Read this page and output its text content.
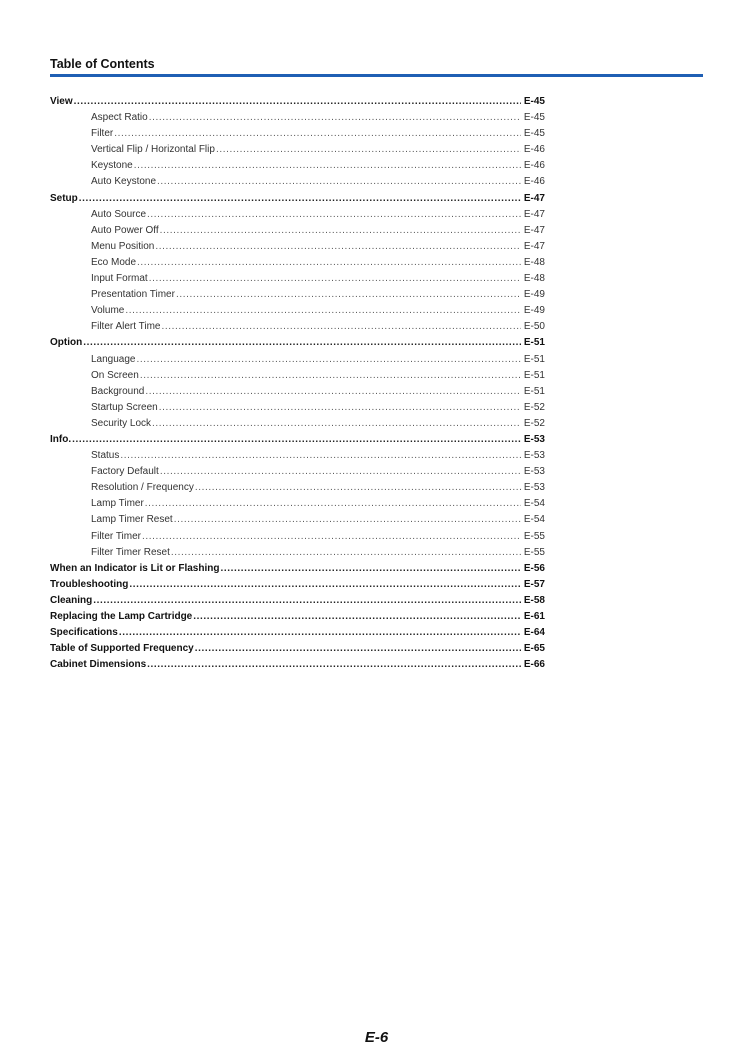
Table of Contents
View .....	E-45
Aspect Ratio .....	E-45
Filter .....	E-45
Vertical Flip / Horizontal Flip .....	E-46
Keystone .....	E-46
Auto Keystone .....	E-46
Setup .....	E-47
Auto Source .....	E-47
Auto Power Off .....	E-47
Menu Position .....	E-47
Eco Mode .....	E-48
Input Format .....	E-48
Presentation Timer .....	E-49
Volume .....	E-49
Filter Alert Time .....	E-50
Option .....	E-51
Language .....	E-51
On Screen .....	E-51
Background .....	E-51
Startup Screen .....	E-52
Security Lock .....	E-52
Info. .....	E-53
Status .....	E-53
Factory Default .....	E-53
Resolution / Frequency .....	E-53
Lamp Timer .....	E-54
Lamp Timer Reset .....	E-54
Filter Timer .....	E-55
Filter Timer Reset .....	E-55
When an Indicator is Lit or Flashing .....	E-56
Troubleshooting .....	E-57
Cleaning .....	E-58
Replacing the Lamp Cartridge .....	E-61
Specifications .....	E-64
Table of Supported Frequency .....	E-65
Cabinet Dimensions .....	E-66
E-6
